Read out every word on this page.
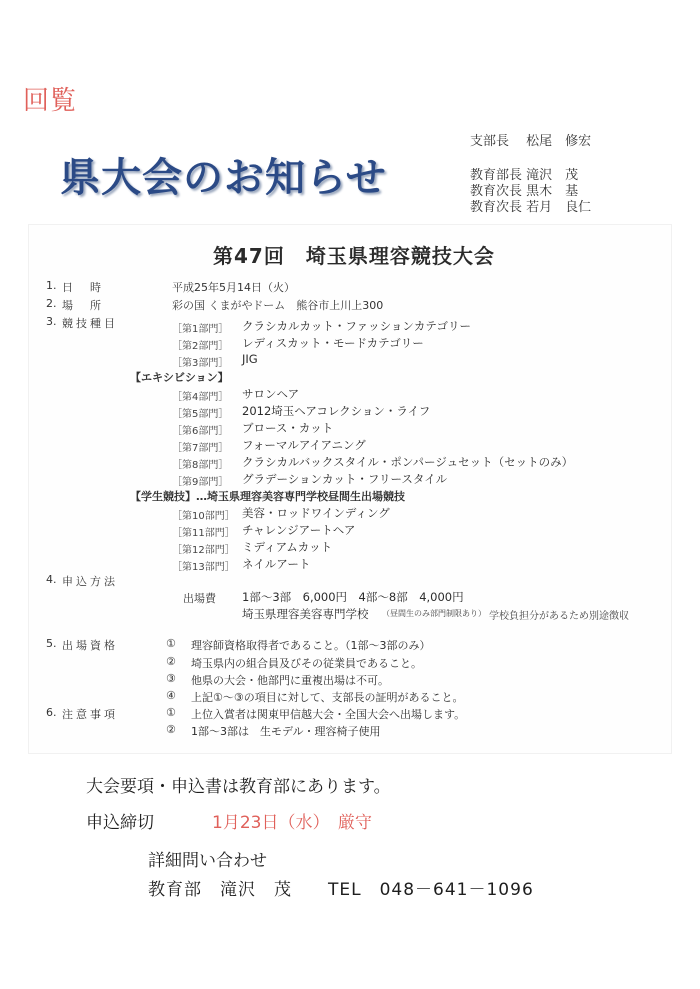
回覧
県大会のお知らせ
支部長　 松尾　修宏
教育部長 滝沢　茂
教育次長 黒木　基
教育次長 若月　良仁
第47回　埼玉県理容競技大会
1. 日　時	平成25年5月14日（火）
2. 場　所	彩の国 くまがやドーム　熊谷市上川上300
3. 競技種目	［第1部門］ クラシカルカット・ファッションカテゴリー
［第2部門］ レディスカット・モードカテゴリー
［第3部門］ JIG
【エキシビション】
［第4部門］ サロンヘア
［第5部門］ 2012埼玉ヘアコレクション・ライフ
［第6部門］ ブロース・カット
［第7部門］ フォーマルアイアニング
［第8部門］ クラシカルバックスタイル・ポンパージュセット（セットのみ）
［第9部門］ グラデーションカット・フリースタイル
【学生競技】…埼玉県理容美容専門学校昼間生出場競技
［第10部門］ 美容・ロッドワインディング
［第11部門］ チャレンジアートヘア
［第12部門］ ミディアムカット
［第13部門］ ネイルアート
4. 申込方法
出場費 1部～3部　6,000円　4部～8部　4,000円
埼玉県理容美容専門学校 （昼間生のみ部門制限あり） 学校負担分があるため別途徴収
5. 出場資格	① 理容師資格取得者であること。（1部～3部のみ）
② 埼玉県内の組合員及びその従業員であること。
③ 他県の大会・他部門に重複出場は不可。
④ 上記①～③の項目に対して、支部長の証明があること。
6. 注意事項	① 上位入賞者は関東甲信越大会・全国大会へ出場します。
② 1部～3部は　生モデル・理容椅子使用
大会要項・申込書は教育部にあります。
申込締切	1月23日（水）　厳守
詳細問い合わせ
教育部　滝沢　茂　　TEL　048－641－1096
